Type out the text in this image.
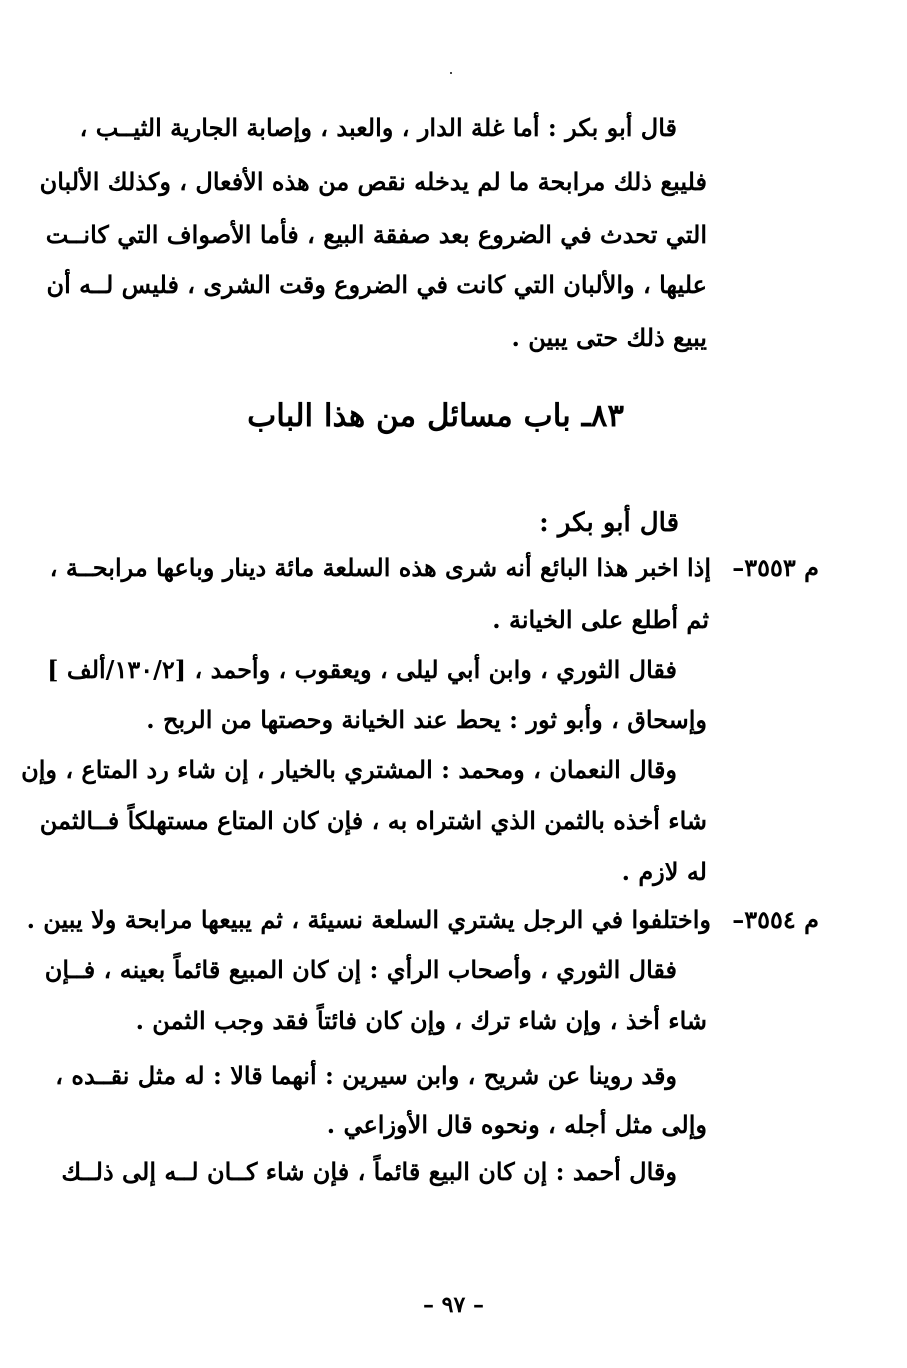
قال أبو بكر : أما غلة الدار ، والعبد ، وإصابة الجارية الثيــب ،
فليبع ذلك مرابحة ما لم يدخله نقص من هذه الأفعال ، وكذلك الألبان
التي تحدث في الضروع بعد صفقة البيع ، فأما الأصواف التي كانــت
عليها ، والألبان التي كانت في الضروع وقت الشرى ، فليس لــه أن
يبيع ذلك حتى يبين .
٨٣ـ باب مسائل من هذا الباب
قال أبو بكر :
م ٣٥٥٣–
إذا اخبر هذا البائع أنه شرى هذه السلعة مائة دينار وباعها مرابحــة ،
ثم أطلع على الخيانة .
فقال الثوري ، وابن أبي ليلى ، ويعقوب ، وأحمد ، [١٣٠/٢/ألف ]
وإسحاق ، وأبو ثور : يحط عند الخيانة وحصتها من الربح .
وقال النعمان ، ومحمد : المشتري بالخيار ، إن شاء رد المتاع ، وإن
شاء أخذه بالثمن الذي اشتراه به ، فإن كان المتاع مستهلكاً فــالثمن
له لازم .
م ٣٥٥٤–
واختلفوا في الرجل يشتري السلعة نسيئة ، ثم يبيعها مرابحة ولا يبين .
فقال الثوري ، وأصحاب الرأي : إن كان المبيع قائماً بعينه ، فــإن
شاء أخذ ، وإن شاء ترك ، وإن كان فائتاً فقد وجب الثمن .
وقد روينا عن شريح ، وابن سيرين : أنهما قالا : له مثل نقــده ،
وإلى مثل أجله ، ونحوه قال الأوزاعي .
وقال أحمد : إن كان البيع قائماً ، فإن شاء كــان لــه إلى ذلــك
– ٩٧ –
